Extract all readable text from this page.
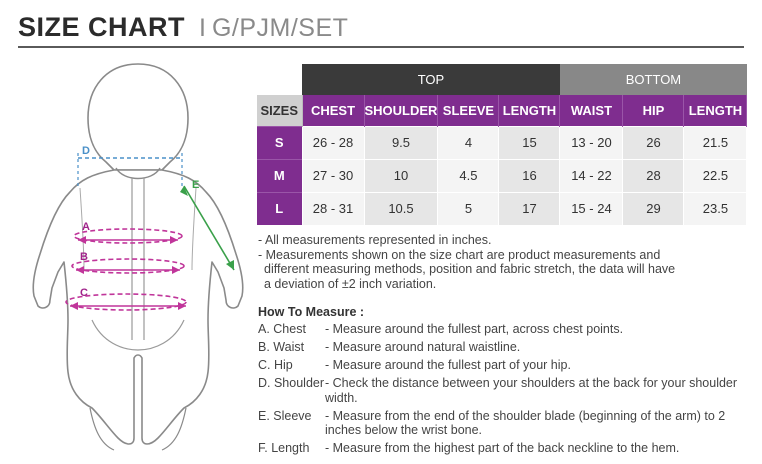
SIZE CHART I G/PJM/SET
D
E
A
B
C
	TOP				BOTTOM		
SIZES	CHEST	SHOULDER	SLEEVE	LENGTH	WAIST	HIP	LENGTH
S	26 - 28	9.5	4	15	13 - 20	26	21.5
M	27 - 30	10	4.5	16	14 - 22	28	22.5
L	28 - 31	10.5	5	17	15 - 24	29	23.5

- All measurements represented in inches.

- Measurements shown on the size chart are product measurements and

different measuring methods, position and fabric stretch, the data will have

a deviation of ±2 inch variation.

How To Measure :
A. Chest	- Measure around the fullest part, across chest points.
B. Waist	- Measure around natural waistline.
C. Hip	- Measure around the fullest part of your hip.
D. Shoulder - Check the distance between your shoulders at the back for your shoulder width.
E. Sleeve	- Measure from the end of the shoulder blade (beginning of the arm) to 2 inches below the wrist bone.
F. Length	- Measure from the highest part of the back neckline to the hem.
